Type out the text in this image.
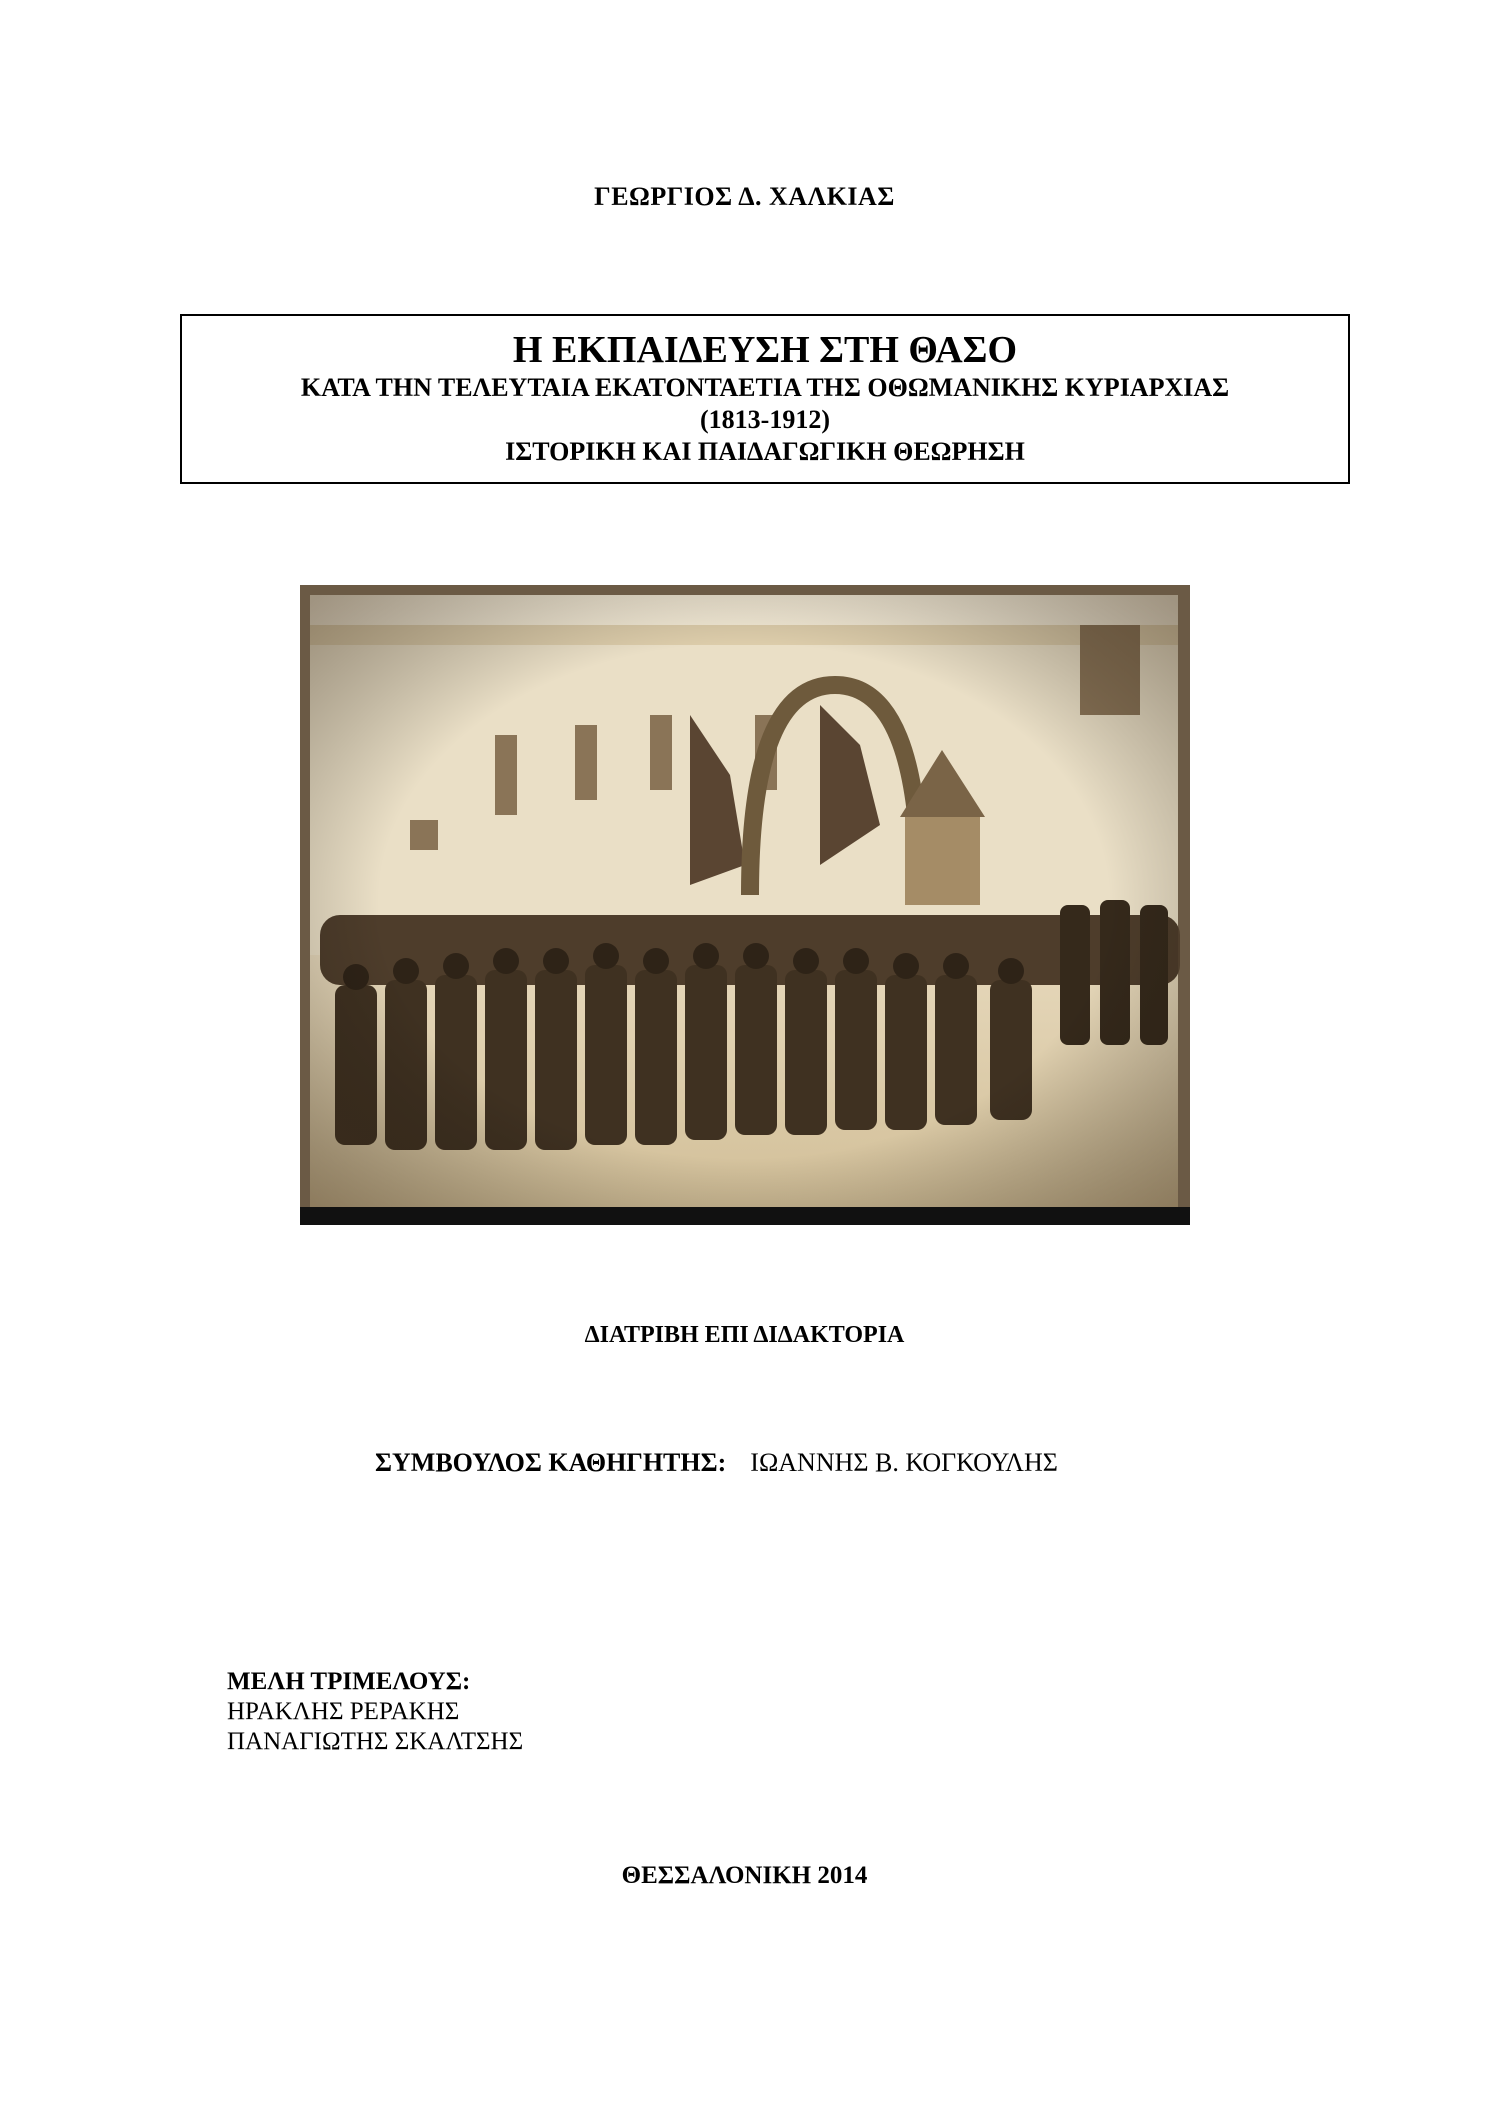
ΓΕΩΡΓΙΟΣ Δ. ΧΑΛΚΙΑΣ
Η ΕΚΠΑΙΔΕΥΣΗ ΣΤΗ ΘΑΣΟ
ΚΑΤΑ ΤΗΝ ΤΕΛΕΥΤΑΙΑ ΕΚΑΤΟΝΤΑΕΤΙΑ ΤΗΣ ΟΘΩΜΑΝΙΚΗΣ ΚΥΡΙΑΡΧΙΑΣ
(1813-1912)
ΙΣΤΟΡΙΚΗ ΚΑΙ ΠΑΙΔΑΓΩΓΙΚΗ ΘΕΩΡΗΣΗ
ΔΙΑΤΡΙΒΗ ΕΠΙ ΔΙΔΑΚΤΟΡΙΑ
ΣΥΜΒΟΥΛΟΣ ΚΑΘΗΓΗΤΗΣ: ΙΩΑΝΝΗΣ Β. ΚΟΓΚΟΥΛΗΣ
ΜΕΛΗ ΤΡΙΜΕΛΟΥΣ:
ΗΡΑΚΛΗΣ ΡΕΡΑΚΗΣ
ΠΑΝΑΓΙΩΤΗΣ ΣΚΑΛΤΣΗΣ
ΘΕΣΣΑΛΟΝΙΚΗ 2014
